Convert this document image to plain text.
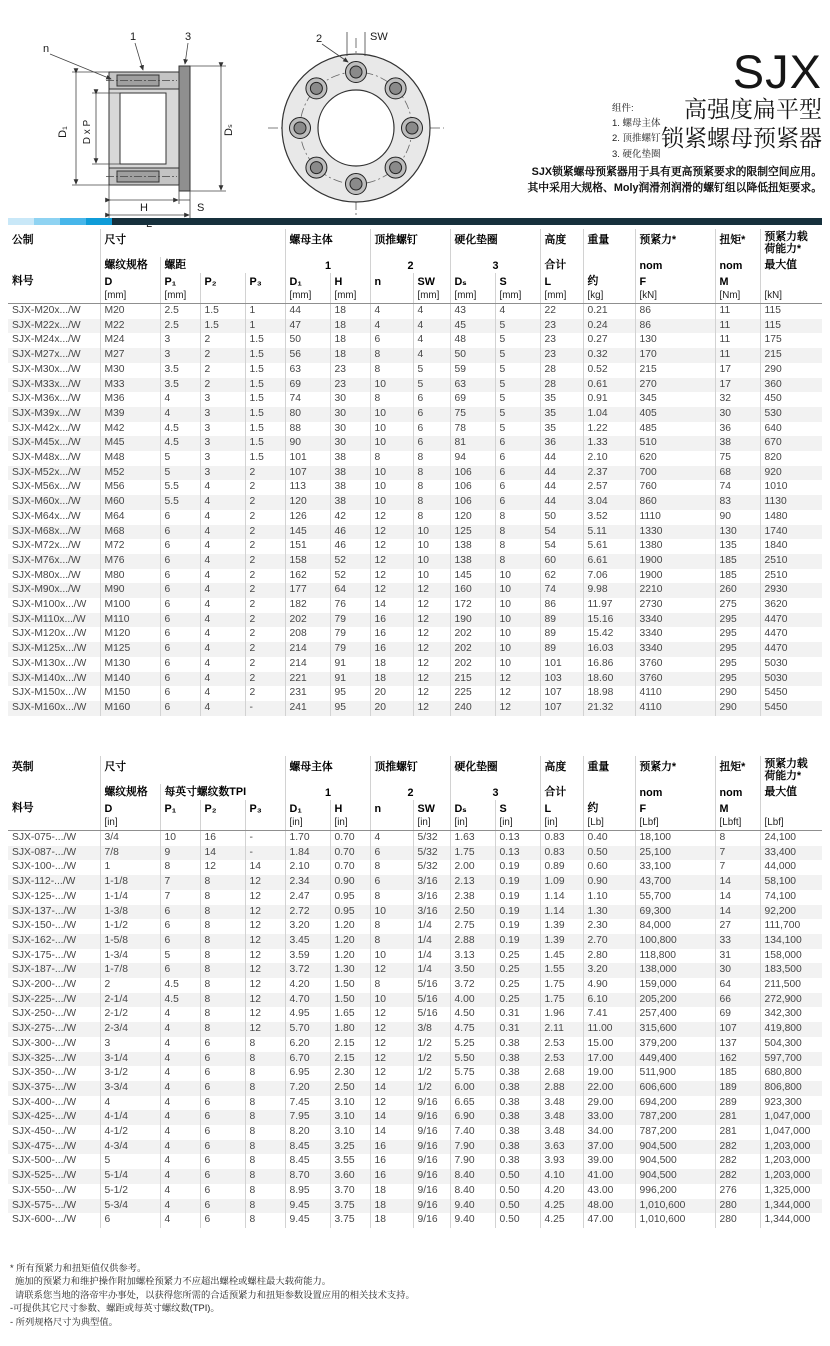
n
1	3	2	SW
D₁ D x P	Dₛ
H	S
组件:
1. 螺母主体
2. 顶推螺钉
3. 硬化垫圈
SJX
高强度扁平型
锁紧螺母预紧器
SJX锁紧螺母预紧器用于具有更高预紧要求的限制空间应用。
其中采用大规格、Moly润滑剂润滑的螺钉组以降低扭矩要求。
公制	尺寸				螺母主体		顶推螺钉		硬化垫圈		高度	重量	预紧力*	扭矩*	预紧力载
荷能力*

	螺纹规格	螺距			1		2		3		合计		nom	nom	最大值
料号	D	P₁	P₂	P₃	D₁	H	n	SW	Dₛ	S	L	约	F	M	
	[mm]	[mm]			[mm]	[mm]		[mm]	[mm]	[mm]	[mm]	[kg]	[kN]	[Nm]	[kN]
SJX-M20x.../W	M20	2.5	1.5	1	44	18	4	4	43	4	22	0.21	86	11	115
SJX-M22x.../W	M22	2.5	1.5	1	47	18	4	4	45	5	23	0.24	86	11	115
SJX-M24x.../W	M24	3	2	1.5	50	18	6	4	48	5	23	0.27	130	11	175
SJX-M27x.../W	M27	3	2	1.5	56	18	8	4	50	5	23	0.32	170	11	215
SJX-M30x.../W	M30	3.5	2	1.5	63	23	8	5	59	5	28	0.52	215	17	290
SJX-M33x.../W	M33	3.5	2	1.5	69	23	10	5	63	5	28	0.61	270	17	360
SJX-M36x.../W	M36	4	3	1.5	74	30	8	6	69	5	35	0.91	345	32	450
SJX-M39x.../W	M39	4	3	1.5	80	30	10	6	75	5	35	1.04	405	30	530
SJX-M42x.../W	M42	4.5	3	1.5	88	30	10	6	78	5	35	1.22	485	36	640
SJX-M45x.../W	M45	4.5	3	1.5	90	30	10	6	81	6	36	1.33	510	38	670
SJX-M48x.../W	M48	5	3	1.5	101	38	8	8	94	6	44	2.10	620	75	820
SJX-M52x.../W	M52	5	3	2	107	38	10	8	106	6	44	2.37	700	68	920
SJX-M56x.../W	M56	5.5	4	2	113	38	10	8	106	6	44	2.57	760	74	1010
SJX-M60x.../W	M60	5.5	4	2	120	38	10	8	106	6	44	3.04	860	83	1130
SJX-M64x.../W	M64	6	4	2	126	42	12	8	120	8	50	3.52	1110	90	1480
SJX-M68x.../W	M68	6	4	2	145	46	12	10	125	8	54	5.11	1330	130	1740
SJX-M72x.../W	M72	6	4	2	151	46	12	10	138	8	54	5.61	1380	135	1840
SJX-M76x.../W	M76	6	4	2	158	52	12	10	138	8	60	6.61	1900	185	2510
SJX-M80x.../W	M80	6	4	2	162	52	12	10	145	10	62	7.06	1900	185	2510
SJX-M90x.../W	M90	6	4	2	177	64	12	12	160	10	74	9.98	2210	260	2930
SJX-M100x.../W	M100	6	4	2	182	76	14	12	172	10	86	11.97	2730	275	3620
SJX-M110x.../W	M110	6	4	2	202	79	16	12	190	10	89	15.16	3340	295	4470
SJX-M120x.../W	M120	6	4	2	208	79	16	12	202	10	89	15.42	3340	295	4470
SJX-M125x.../W	M125	6	4	2	214	79	16	12	202	10	89	16.03	3340	295	4470
SJX-M130x.../W	M130	6	4	2	214	91	18	12	202	10	101	16.86	3760	295	5030
SJX-M140x.../W	M140	6	4	2	221	91	18	12	215	12	103	18.60	3760	295	5030
SJX-M150x.../W	M150	6	4	2	231	95	20	12	225	12	107	18.98	4110	290	5450
SJX-M160x.../W	M160	6	4	-	241	95	20	12	240	12	107	21.32	4110	290	5450
英制	尺寸				螺母主体		顶推螺钉		硬化垫圈		高度	重量	预紧力*	扭矩*	预紧力载
荷能力*

	螺纹规格	每英寸螺纹数TPI			1		2		3		合计		nom	nom	最大值
料号	D	P₁	P₂	P₃	D₁	H	n	SW	Dₛ	S	L	约	F	M	
	[in]				[in]	[in]		[in]	[in]	[in]	[in]	[Lb]	[Lbf]	[Lbft]	[Lbf]
SJX-075-.../W	3/4	10	16	-	1.70	0.70	4	5/32	1.63	0.13	0.83	0.40	18,100	8	24,100
SJX-087-.../W	7/8	9	14	-	1.84	0.70	6	5/32	1.75	0.13	0.83	0.50	25,100	7	33,400
SJX-100-.../W	1	8	12	14	2.10	0.70	8	5/32	2.00	0.19	0.89	0.60	33,100	7	44,000
SJX-112-.../W	1-1/8	7	8	12	2.34	0.90	6	3/16	2.13	0.19	1.09	0.90	43,700	14	58,100
SJX-125-.../W	1-1/4	7	8	12	2.47	0.95	8	3/16	2.38	0.19	1.14	1.10	55,700	14	74,100
SJX-137-.../W	1-3/8	6	8	12	2.72	0.95	10	3/16	2.50	0.19	1.14	1.30	69,300	14	92,200
SJX-150-.../W	1-1/2	6	8	12	3.20	1.20	8	1/4	2.75	0.19	1.39	2.30	84,000	27	111,700
SJX-162-.../W	1-5/8	6	8	12	3.45	1.20	8	1/4	2.88	0.19	1.39	2.70	100,800	33	134,100
SJX-175-.../W	1-3/4	5	8	12	3.59	1.20	10	1/4	3.13	0.25	1.45	2.80	118,800	31	158,000
SJX-187-.../W	1-7/8	6	8	12	3.72	1.30	12	1/4	3.50	0.25	1.55	3.20	138,000	30	183,500
SJX-200-.../W	2	4.5	8	12	4.20	1.50	8	5/16	3.72	0.25	1.75	4.90	159,000	64	211,500
SJX-225-.../W	2-1/4	4.5	8	12	4.70	1.50	10	5/16	4.00	0.25	1.75	6.10	205,200	66	272,900
SJX-250-.../W	2-1/2	4	8	12	4.95	1.65	12	5/16	4.50	0.31	1.96	7.41	257,400	69	342,300
SJX-275-.../W	2-3/4	4	8	12	5.70	1.80	12	3/8	4.75	0.31	2.11	11.00	315,600	107	419,800
SJX-300-.../W	3	4	6	8	6.20	2.15	12	1/2	5.25	0.38	2.53	15.00	379,200	137	504,300
SJX-325-.../W	3-1/4	4	6	8	6.70	2.15	12	1/2	5.50	0.38	2.53	17.00	449,400	162	597,700
SJX-350-.../W	3-1/2	4	6	8	6.95	2.30	12	1/2	5.75	0.38	2.68	19.00	511,900	185	680,800
SJX-375-.../W	3-3/4	4	6	8	7.20	2.50	14	1/2	6.00	0.38	2.88	22.00	606,600	189	806,800
SJX-400-.../W	4	4	6	8	7.45	3.10	12	9/16	6.65	0.38	3.48	29.00	694,200	289	923,300
SJX-425-.../W	4-1/4	4	6	8	7.95	3.10	14	9/16	6.90	0.38	3.48	33.00	787,200	281	1,047,000
SJX-450-.../W	4-1/2	4	6	8	8.20	3.10	14	9/16	7.40	0.38	3.48	34.00	787,200	281	1,047,000
SJX-475-.../W	4-3/4	4	6	8	8.45	3.25	16	9/16	7.90	0.38	3.63	37.00	904,500	282	1,203,000
SJX-500-.../W	5	4	6	8	8.45	3.55	16	9/16	7.90	0.38	3.93	39.00	904,500	282	1,203,000
SJX-525-.../W	5-1/4	4	6	8	8.70	3.60	16	9/16	8.40	0.50	4.10	41.00	904,500	282	1,203,000
SJX-550-.../W	5-1/2	4	6	8	8.95	3.70	18	9/16	8.40	0.50	4.20	43.00	996,200	276	1,325,000
SJX-575-.../W	5-3/4	4	6	8	9.45	3.75	18	9/16	9.40	0.50	4.25	48.00	1,010,600	280	1,344,000
SJX-600-.../W	6	4	6	8	9.45	3.75	18	9/16	9.40	0.50	4.25	47.00	1,010,600	280	1,344,000
* 所有预紧力和扭矩值仅供参考。
施加的预紧力和维护操作附加螺栓预紧力不应超出螺栓或螺柱最大载荷能力。
请联系您当地的洛帝牢办事处，以获得您所需的合适预紧力和扭矩参数设置应用的相关技术支持。
-可提供其它尺寸参数、螺距或每英寸螺纹数(TPI)。
- 所列规格尺寸为典型值。
